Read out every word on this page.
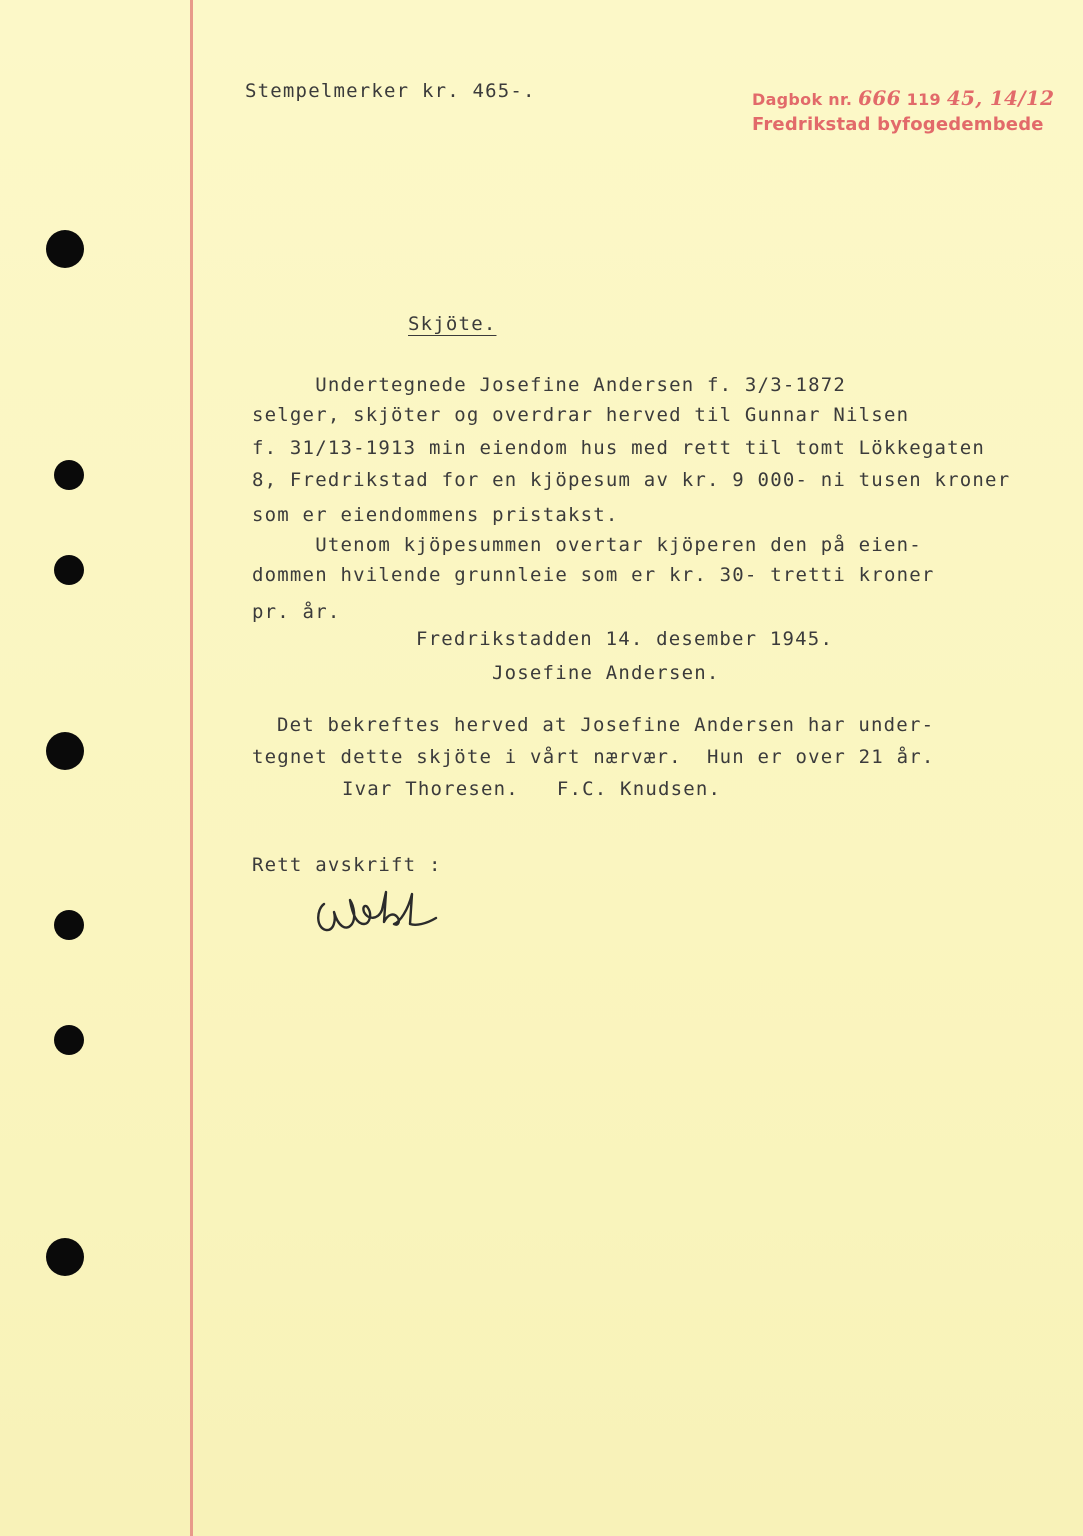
Stempelmerker kr. 465-.	Dagbok nr. 666 119 45, 14/12
Fredrikstad byfogedembede
Skjöte.
Undertegnede Josefine Andersen f. 3/3-1872
selger, skjöter og overdrar herved til Gunnar Nilsen
f. 31/13-1913 min eiendom hus med rett til tomt Lökkegaten
8, Fredrikstad for en kjöpesum av kr. 9 000- ni tusen kroner
som er eiendommens pristakst.
Utenom kjöpesummen overtar kjöperen den på eien-
dommen hvilende grunnleie som er kr. 30- tretti kroner
pr. år.
Fredrikstadden 14. desember 1945.
Josefine Andersen.
Det bekreftes herved at Josefine Andersen har under-
tegnet dette skjöte i vårt nærvær.  Hun er over 21 år.
Ivar Thoresen.   F.C. Knudsen.
Rett avskrift :
